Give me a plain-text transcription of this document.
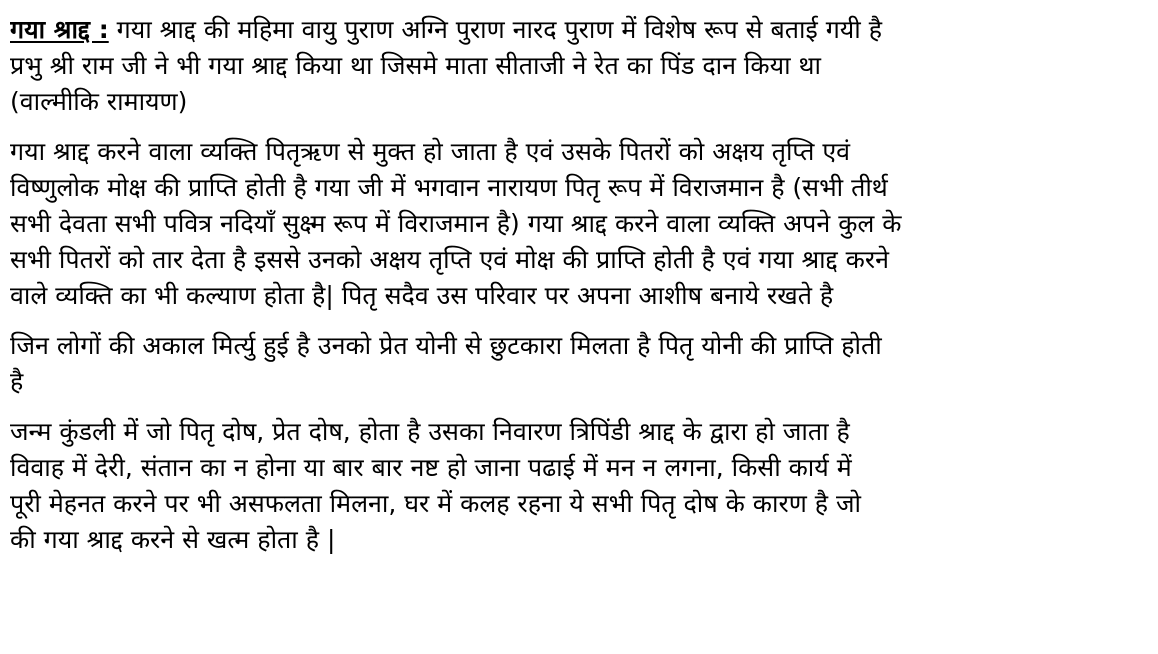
गया श्राद्द : गया श्राद्द की महिमा वायु पुराण अग्नि पुराण नारद पुराण में विशेष रूप से बताई गयी है
प्रभु श्री राम जी ने भी गया श्राद्द किया था जिसमे माता सीताजी ने रेत का पिंड दान किया था
(वाल्मीकि रामायण)
गया श्राद्द करने वाला व्यक्ति पितृऋण से मुक्त हो जाता है एवं उसके पितरों को अक्षय तृप्ति एवं
विष्णुलोक मोक्ष की प्राप्ति होती है गया जी में भगवान नारायण पितृ रूप में विराजमान है (सभी तीर्थ
सभी देवता सभी पवित्र नदियाँ सुक्ष्म रूप में विराजमान है) गया श्राद्द करने वाला व्यक्ति अपने कुल के
सभी पितरों को तार देता है इससे उनको अक्षय तृप्ति एवं मोक्ष की प्राप्ति होती है एवं गया श्राद्द करने
वाले व्यक्ति का भी कल्याण होता है| पितृ सदैव उस परिवार पर अपना आशीष बनाये रखते है
जिन लोगों की अकाल मिर्त्यु हुई है उनको प्रेत योनी से छुटकारा मिलता है पितृ योनी की प्राप्ति होती
है
जन्म कुंडली में जो पितृ दोष, प्रेत दोष, होता है उसका निवारण त्रिपिंडी श्राद्द के द्वारा हो जाता है
विवाह में देरी, संतान का न होना या बार बार नष्ट हो जाना पढाई में मन न लगना, किसी कार्य में
पूरी मेहनत करने पर भी असफलता मिलना, घर में कलह रहना ये सभी पितृ दोष के कारण है जो
की गया श्राद्द करने से खत्म होता है |
